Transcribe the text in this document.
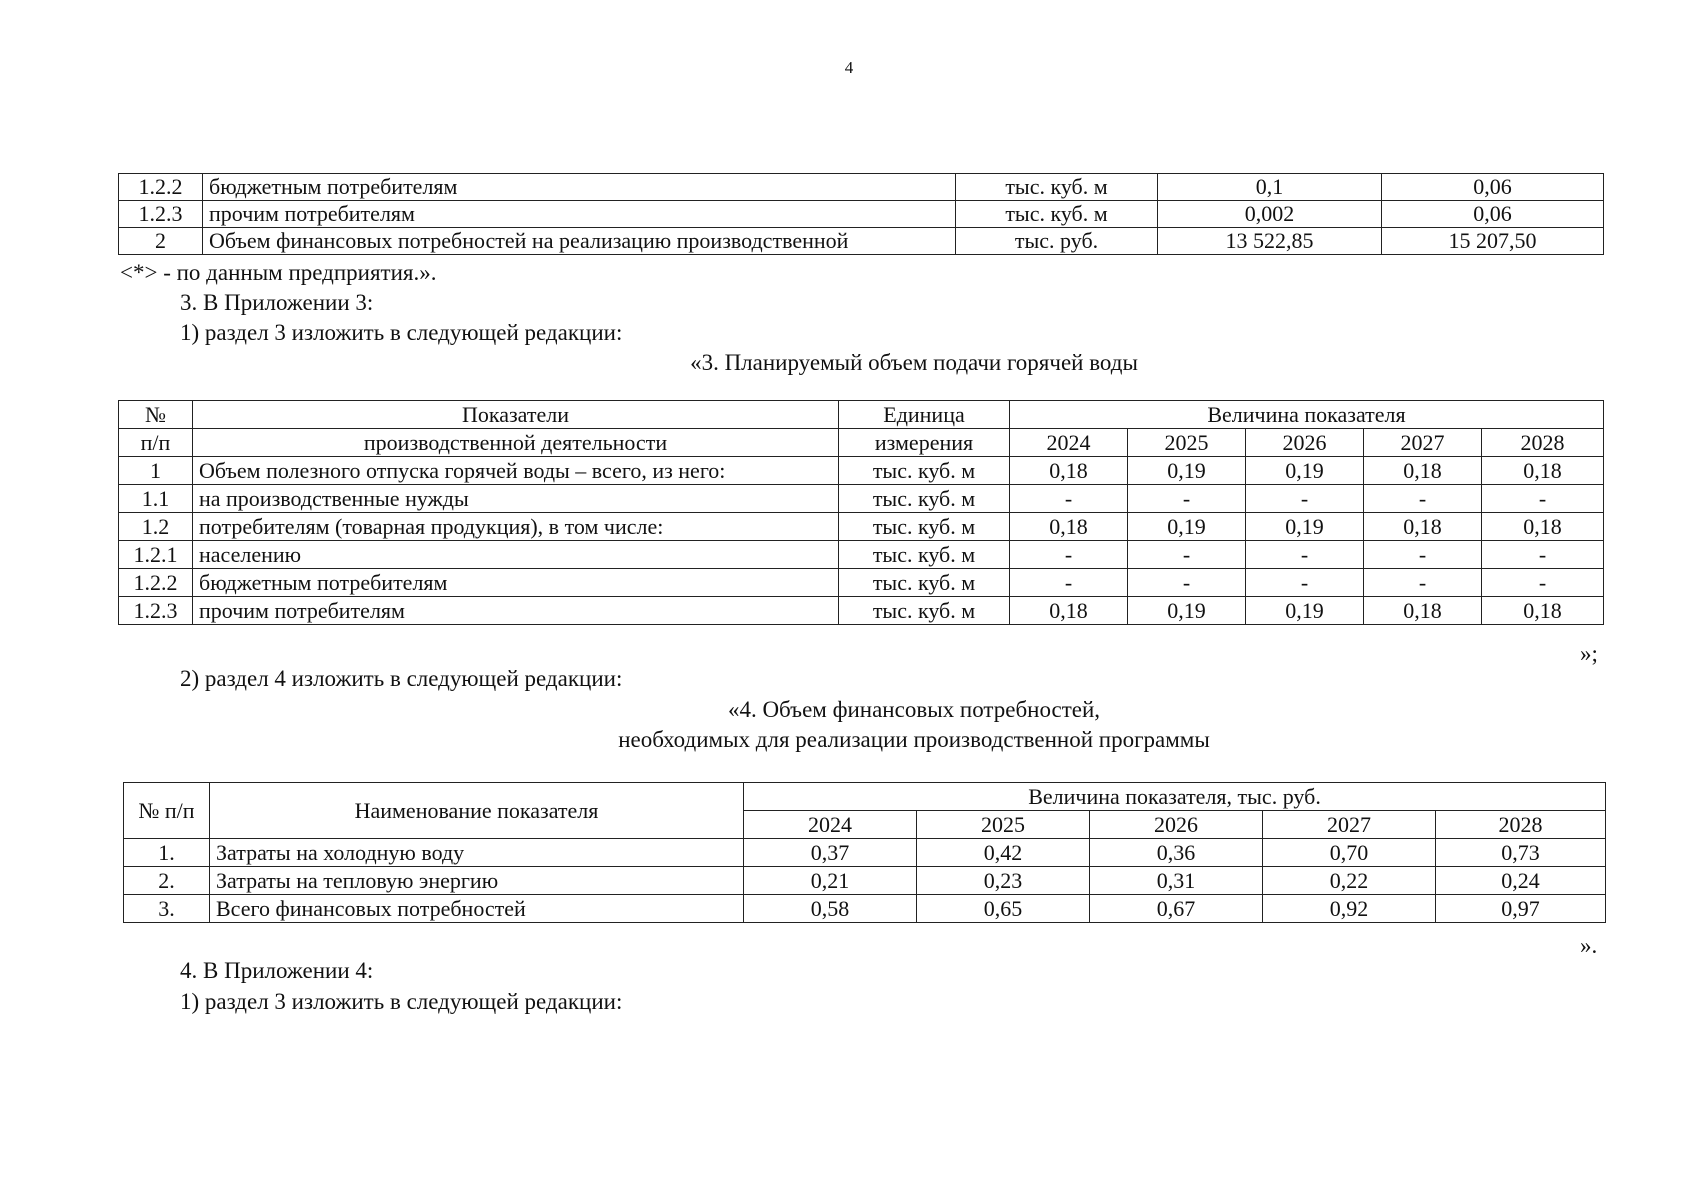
4
1.2.2	бюджетным потребителям	тыс. куб. м	0,1	0,06
1.2.3	прочим потребителям	тыс. куб. м	0,002	0,06
2	Объем финансовых потребностей на реализацию производственной	тыс. руб.	13 522,85	15 207,50
<*> - по данным предприятия.».
3. В Приложении 3:
1) раздел 3 изложить в следующей редакции:
«3. Планируемый объем подачи горячей воды
№	Показатели	Единица	Величина показателя				
п/п	производственной деятельности	измерения	2024	2025	2026	2027	2028
1	Объем полезного отпуска горячей воды – всего, из него:	тыс. куб. м	0,18	0,19	0,19	0,18	0,18
1.1	на производственные нужды	тыс. куб. м	-	-	-	-	-
1.2	потребителям (товарная продукция), в том числе:	тыс. куб. м	0,18	0,19	0,19	0,18	0,18
1.2.1	населению	тыс. куб. м	-	-	-	-	-
1.2.2	бюджетным потребителям	тыс. куб. м	-	-	-	-	-
1.2.3	прочим потребителям	тыс. куб. м	0,18	0,19	0,19	0,18	0,18
»;
2) раздел 4 изложить в следующей редакции:
«4. Объем финансовых потребностей,
необходимых для реализации производственной программы
№ п/п	Наименование показателя	Величина показателя, тыс. руб.				
		2024	2025	2026	2027	2028
1.	Затраты на холодную воду	0,37	0,42	0,36	0,70	0,73
2.	Затраты на тепловую энергию	0,21	0,23	0,31	0,22	0,24
3.	Всего финансовых потребностей	0,58	0,65	0,67	0,92	0,97
».
4. В Приложении 4:
1) раздел 3 изложить в следующей редакции:
